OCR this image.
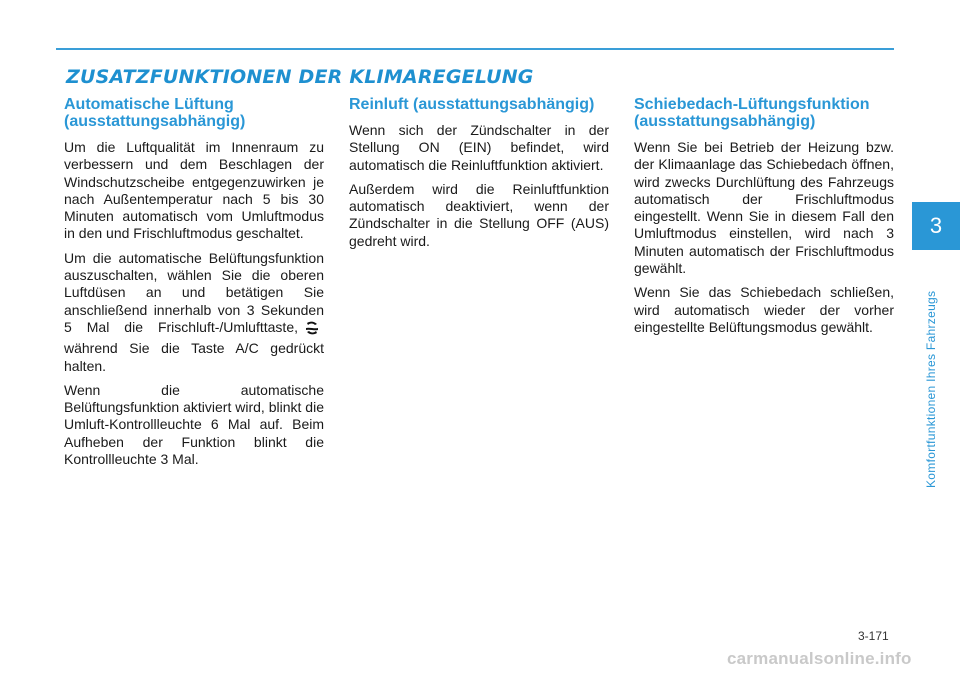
ZUSATZFUNKTIONEN DER KLIMAREGELUNG
Automatische Lüftung (ausstattungsabhängig)

Um die Luftqualität im Innenraum zu verbessern und dem Beschlagen der Windschutzscheibe entgegenzuwirken je nach Außentemperatur nach 5 bis 30 Minuten automatisch vom Umluftmodus in den und Frischluftmodus geschaltet.

Um die automatische Belüftungsfunktion auszuschalten, wählen Sie die oberen Luftdüsen an und betätigen Sie anschließend innerhalb von 3 Sekunden 5 Mal die Frischluft-/Umlufttaste,während Sie die Taste A/C gedrückt halten.

Wenn die automatische Belüftungsfunktion aktiviert wird, blinkt die Umluft-Kontrollleuchte 6 Mal auf. Beim Aufheben der Funktion blinkt die Kontrollleuchte 3 Mal.

Reinluft (ausstattungsabhängig)

Wenn sich der Zündschalter in der Stellung ON (EIN) befindet, wird automatisch die Reinluftfunktion aktiviert.

Außerdem wird die Reinluftfunktion automatisch deaktiviert, wenn der Zündschalter in die Stellung OFF (AUS) gedreht wird.

Schiebedach-Lüftungsfunktion (ausstattungsabhängig)

Wenn Sie bei Betrieb der Heizung bzw. der Klimaanlage das Schiebedach öffnen, wird zwecks Durchlüftung des Fahrzeugs automatisch der Frischluftmodus eingestellt. Wenn Sie in diesem Fall den Umluftmodus einstellen, wird nach 3 Minuten automatisch der Frischluftmodus gewählt.

Wenn Sie das Schiebedach schließen, wird automatisch wieder der vorher eingestellte Belüftungsmodus gewählt.

3
Komfortfunktionen Ihres Fahrzeugs
3-171
carmanualsonline.info
